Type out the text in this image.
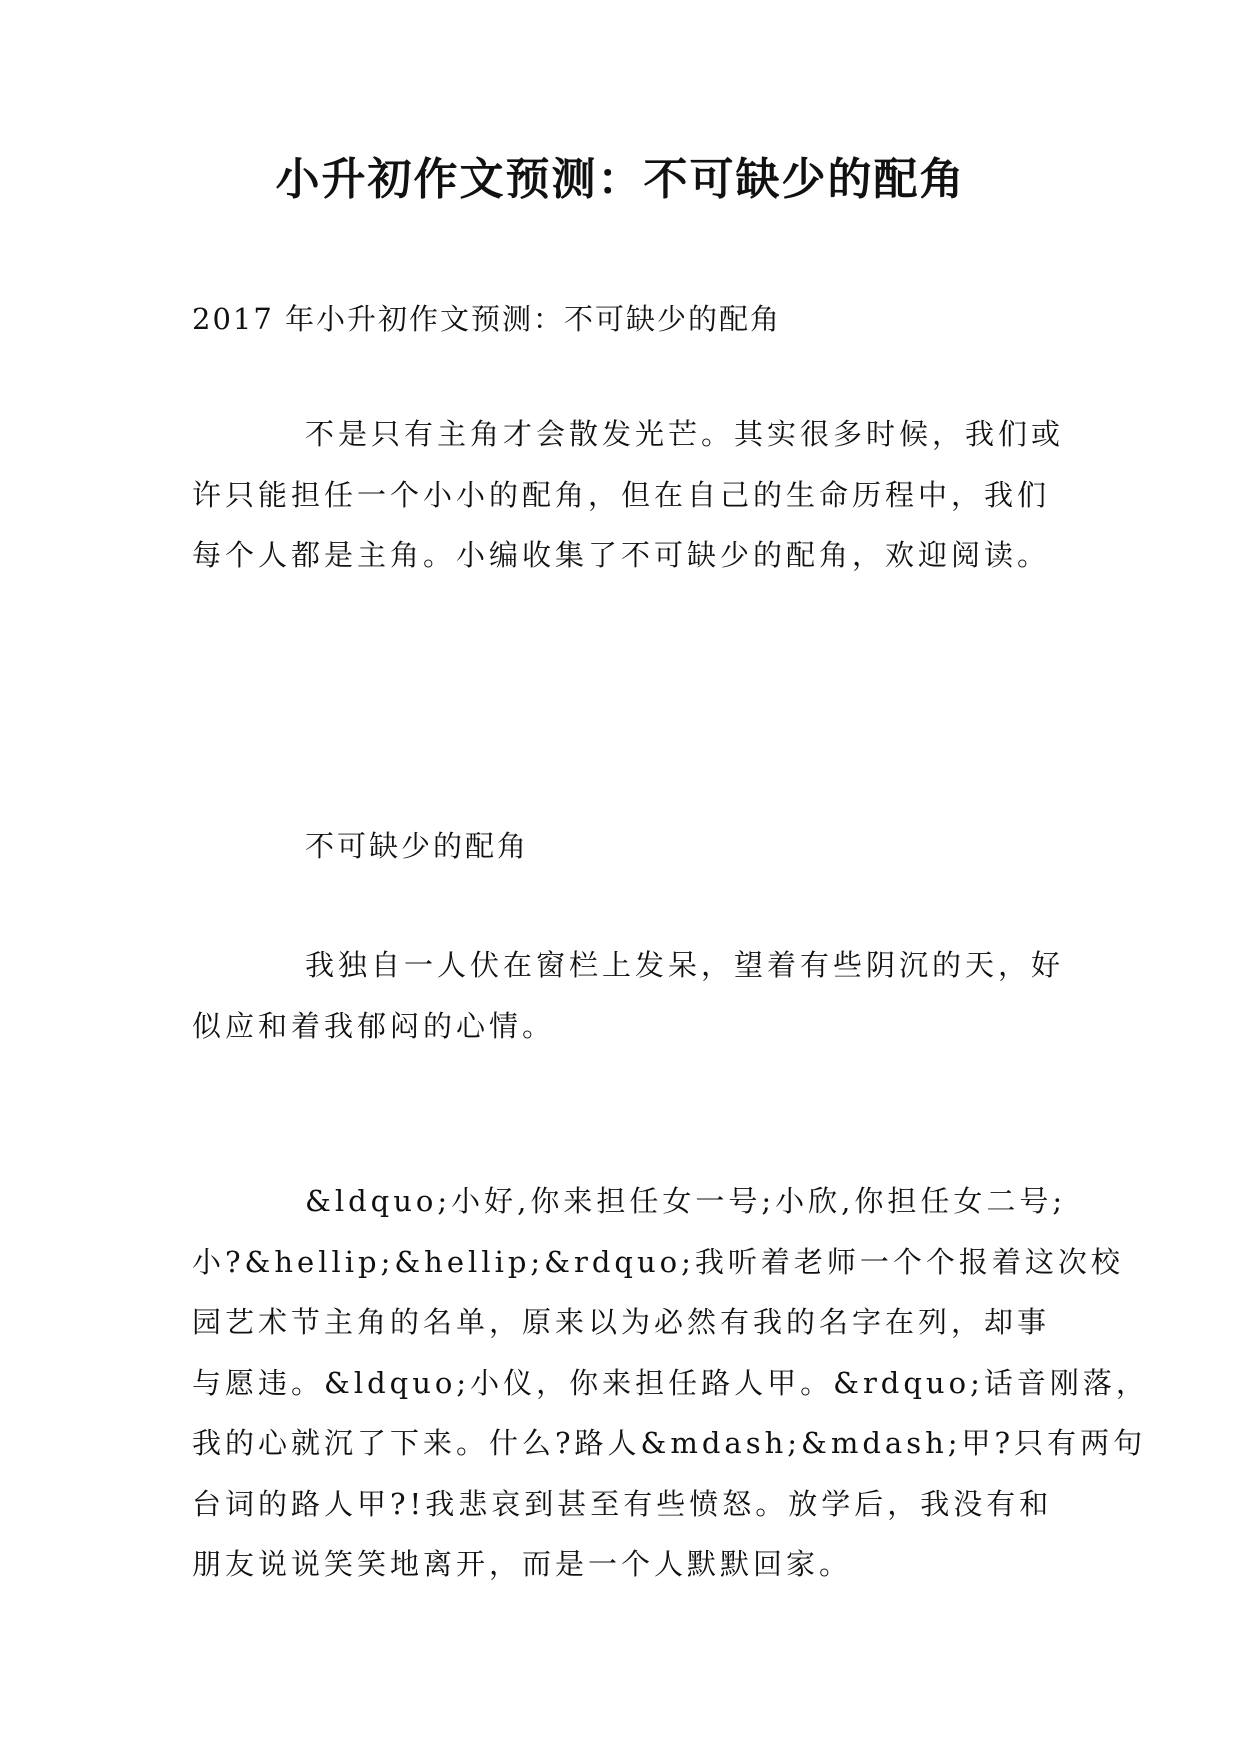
小升初作文预测：不可缺少的配角
2017 年小升初作文预测：不可缺少的配角
不是只有主角才会散发光芒。其实很多时候，我们或
许只能担任一个小小的配角，但在自己的生命历程中，我们
每个人都是主角。小编收集了不可缺少的配角，欢迎阅读。
不可缺少的配角
我独自一人伏在窗栏上发呆，望着有些阴沉的天，好
似应和着我郁闷的心情。
&ldquo;小好,你来担任女一号;小欣,你担任女二号;
小?&hellip;&hellip;&rdquo;我听着老师一个个报着这次校
园艺术节主角的名单，原来以为必然有我的名字在列，却事
与愿违。&ldquo;小仪，你来担任路人甲。&rdquo;话音刚落，
我的心就沉了下来。什么?路人&mdash;&mdash;甲?只有两句
台词的路人甲?!我悲哀到甚至有些愤怒。放学后，我没有和
朋友说说笑笑地离开，而是一个人默默回家。
